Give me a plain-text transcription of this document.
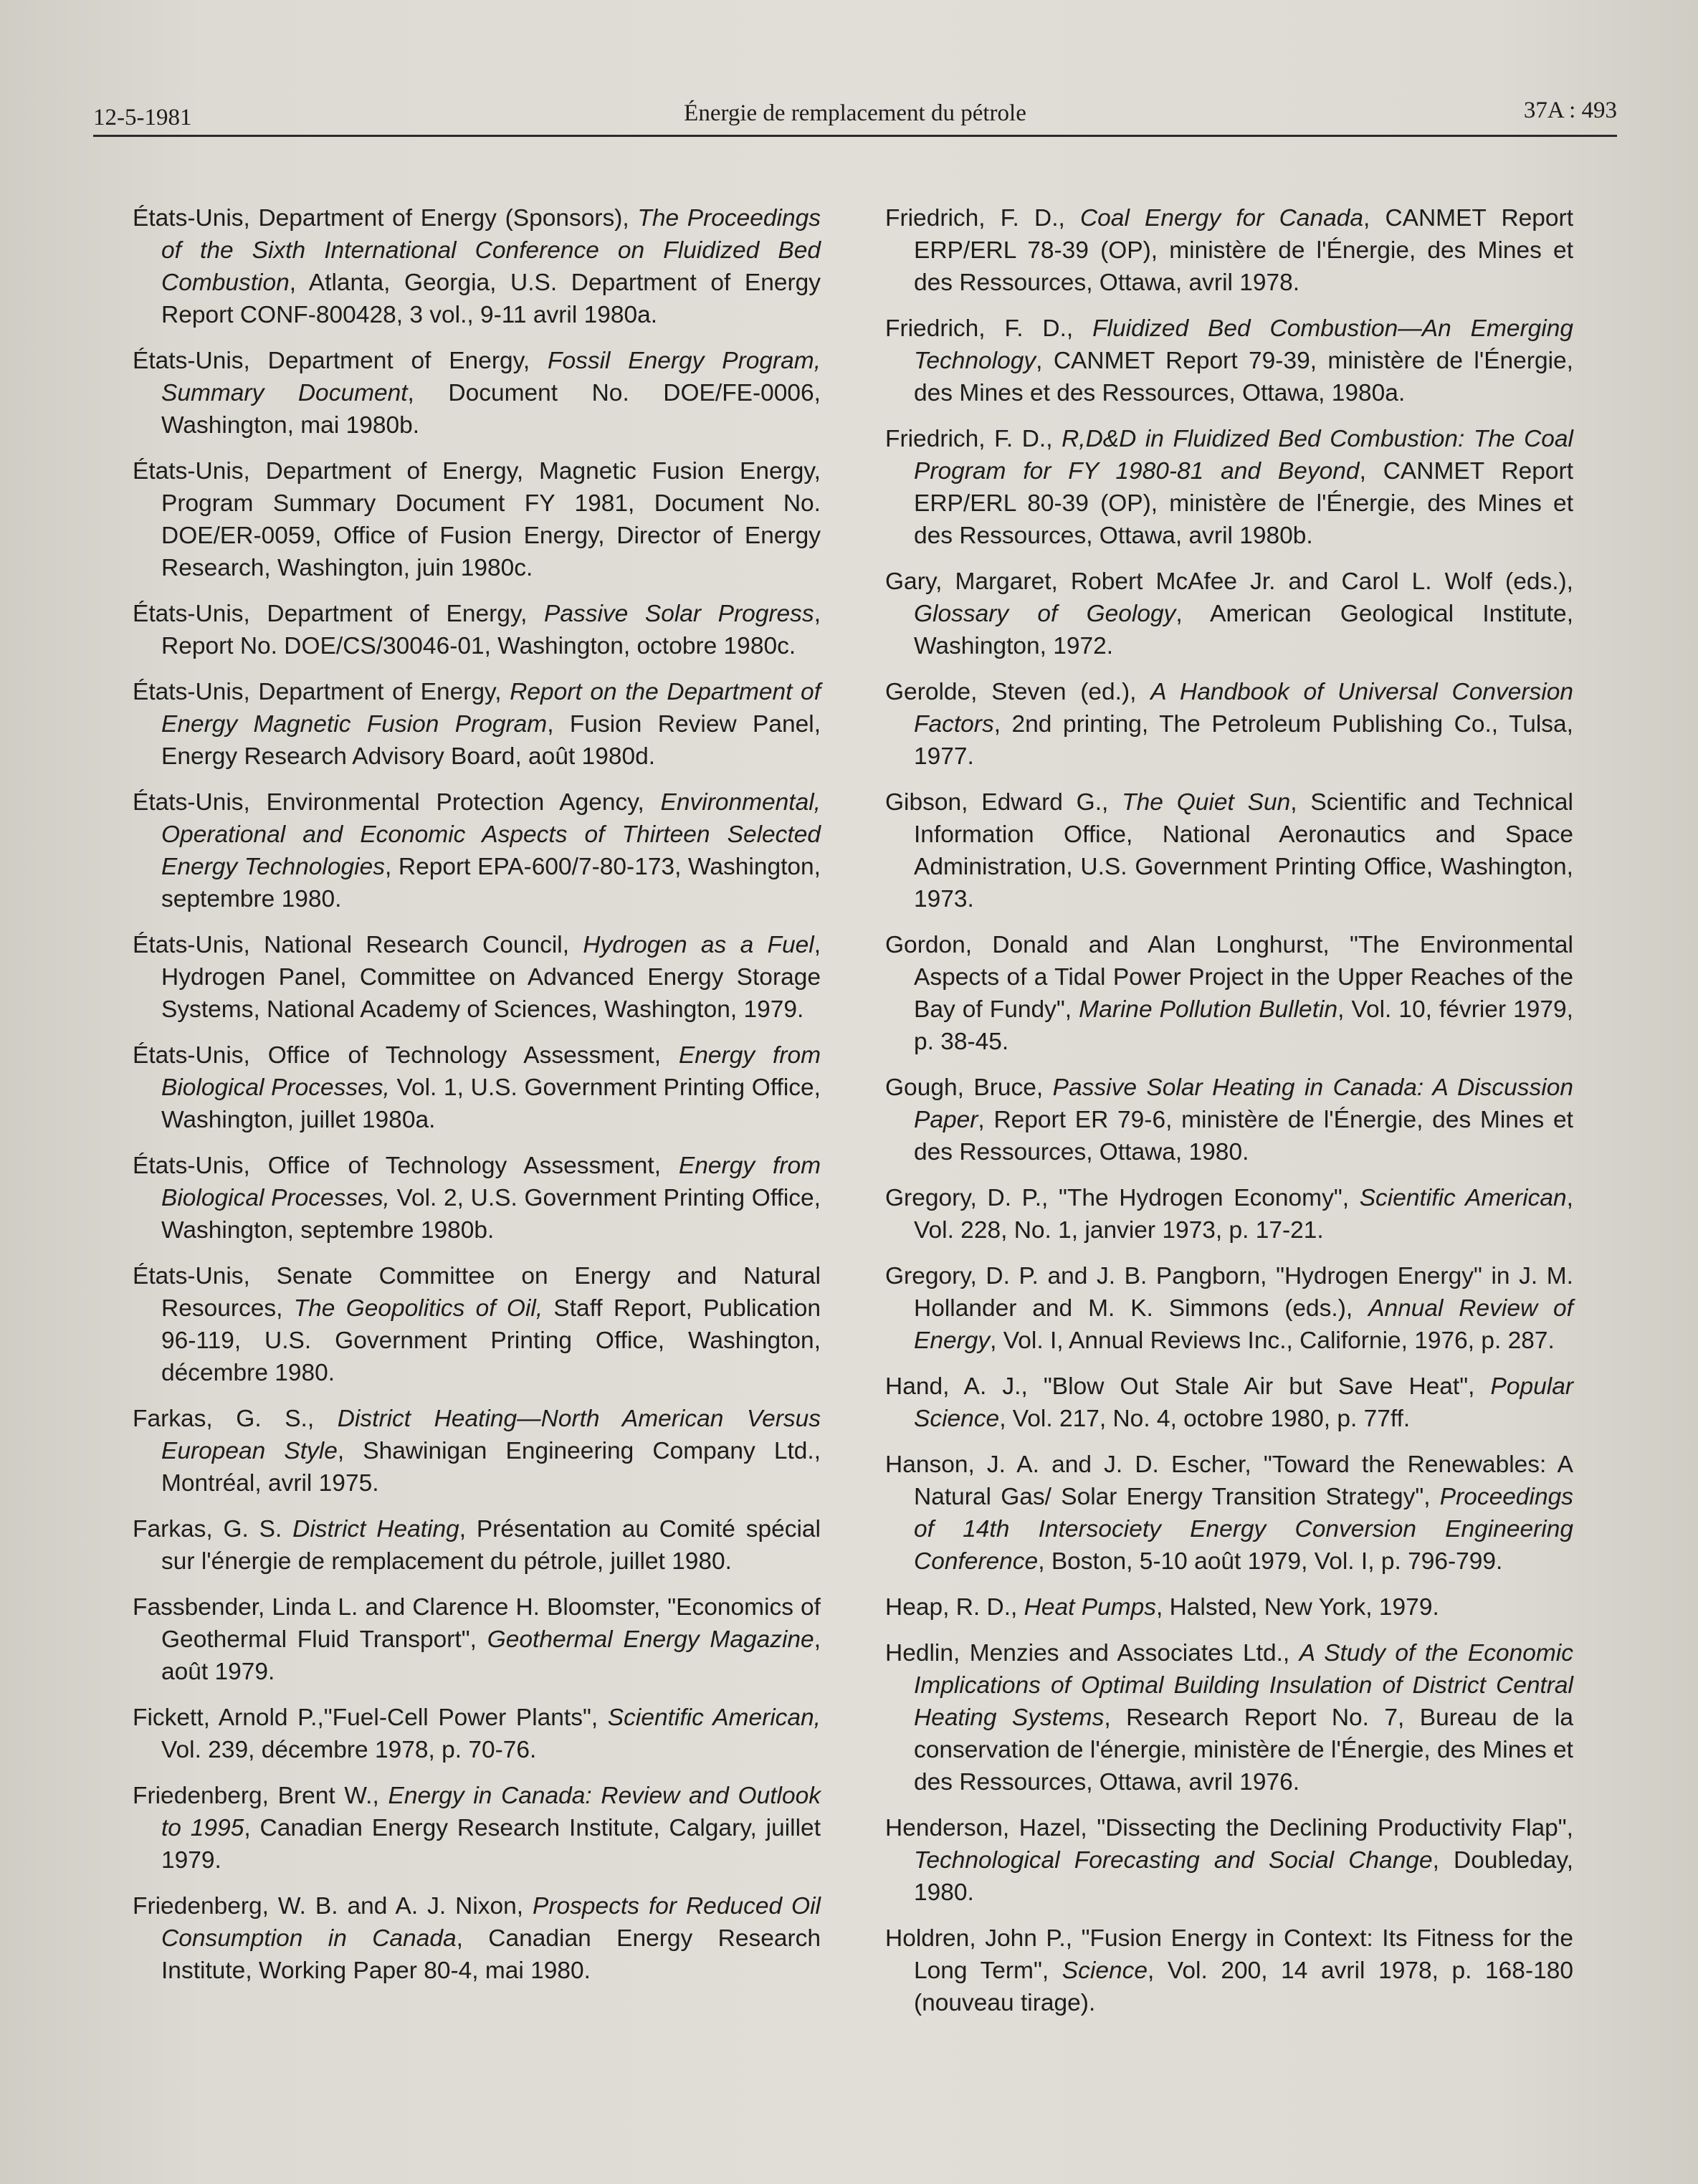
12-5-1981	Énergie de remplacement du pétrole	37A : 493

États-Unis, Department of Energy (Sponsors), The Proceedings of the Sixth International Conference on Fluidized Bed Combustion, Atlanta, Georgia, U.S. Department of Energy Report CONF-800428, 3 vol., 9-11 avril 1980a.

États-Unis, Department of Energy, Fossil Energy Program, Summary Document, Document No. DOE/FE-0006, Washington, mai 1980b.

États-Unis, Department of Energy, Magnetic Fusion Energy, Program Summary Document FY 1981, Document No. DOE/ER-0059, Office of Fusion Energy, Director of Energy Research, Washington, juin 1980c.

États-Unis, Department of Energy, Passive Solar Progress, Report No. DOE/CS/30046-01, Washington, octobre 1980c.

États-Unis, Department of Energy, Report on the Department of Energy Magnetic Fusion Program, Fusion Review Panel, Energy Research Advisory Board, août 1980d.

États-Unis, Environmental Protection Agency, Environmental, Operational and Economic Aspects of Thirteen Selected Energy Technologies, Report EPA-600/7-80-173, Washington, septembre 1980.

États-Unis, National Research Council, Hydrogen as a Fuel, Hydrogen Panel, Committee on Advanced Energy Storage Systems, National Academy of Sciences, Washington, 1979.

États-Unis, Office of Technology Assessment, Energy from Biological Processes, Vol. 1, U.S. Government Printing Office, Washington, juillet 1980a.

États-Unis, Office of Technology Assessment, Energy from Biological Processes, Vol. 2, U.S. Government Printing Office, Washington, septembre 1980b.

États-Unis, Senate Committee on Energy and Natural Resources, The Geopolitics of Oil, Staff Report, Publication 96-119, U.S. Government Printing Office, Washington, décembre 1980.

Farkas, G. S., District Heating—North American Versus European Style, Shawinigan Engineering Company Ltd., Montréal, avril 1975.

Farkas, G. S. District Heating, Présentation au Comité spécial sur l'énergie de remplacement du pétrole, juillet 1980.

Fassbender, Linda L. and Clarence H. Bloomster, "Economics of Geothermal Fluid Transport", Geothermal Energy Magazine, août 1979.

Fickett, Arnold P.,"Fuel-Cell Power Plants", Scientific American, Vol. 239, décembre 1978, p. 70-76.

Friedenberg, Brent W., Energy in Canada: Review and Outlook to 1995, Canadian Energy Research Institute, Calgary, juillet 1979.

Friedenberg, W. B. and A. J. Nixon, Prospects for Reduced Oil Consumption in Canada, Canadian Energy Research Institute, Working Paper 80-4, mai 1980.

Friedrich, F. D., Coal Energy for Canada, CANMET Report ERP/ERL 78-39 (OP), ministère de l'Énergie, des Mines et des Ressources, Ottawa, avril 1978.

Friedrich, F. D., Fluidized Bed Combustion—An Emerging Technology, CANMET Report 79-39, ministère de l'Énergie, des Mines et des Ressources, Ottawa, 1980a.

Friedrich, F. D., R,D&D in Fluidized Bed Combustion: The Coal Program for FY 1980-81 and Beyond, CANMET Report ERP/ERL 80-39 (OP), ministère de l'Énergie, des Mines et des Ressources, Ottawa, avril 1980b.

Gary, Margaret, Robert McAfee Jr. and Carol L. Wolf (eds.), Glossary of Geology, American Geological Institute, Washington, 1972.

Gerolde, Steven (ed.), A Handbook of Universal Conversion Factors, 2nd printing, The Petroleum Publishing Co., Tulsa, 1977.

Gibson, Edward G., The Quiet Sun, Scientific and Technical Information Office, National Aeronautics and Space Administration, U.S. Government Printing Office, Washington, 1973.

Gordon, Donald and Alan Longhurst, "The Environmental Aspects of a Tidal Power Project in the Upper Reaches of the Bay of Fundy", Marine Pollution Bulletin, Vol. 10, février 1979, p. 38-45.

Gough, Bruce, Passive Solar Heating in Canada: A Discussion Paper, Report ER 79-6, ministère de l'Énergie, des Mines et des Ressources, Ottawa, 1980.

Gregory, D. P., "The Hydrogen Economy", Scientific American, Vol. 228, No. 1, janvier 1973, p. 17-21.

Gregory, D. P. and J. B. Pangborn, "Hydrogen Energy" in J. M. Hollander and M. K. Simmons (eds.), Annual Review of Energy, Vol. I, Annual Reviews Inc., Californie, 1976, p. 287.

Hand, A. J., "Blow Out Stale Air but Save Heat", Popular Science, Vol. 217, No. 4, octobre 1980, p. 77ff.

Hanson, J. A. and J. D. Escher, "Toward the Renewables: A Natural Gas/ Solar Energy Transition Strategy", Proceedings of 14th Intersociety Energy Conversion Engineering Conference, Boston, 5-10 août 1979, Vol. I, p. 796-799.

Heap, R. D., Heat Pumps, Halsted, New York, 1979.

Hedlin, Menzies and Associates Ltd., A Study of the Economic Implications of Optimal Building Insulation of District Central Heating Systems, Research Report No. 7, Bureau de la conservation de l'énergie, ministère de l'Énergie, des Mines et des Ressources, Ottawa, avril 1976.

Henderson, Hazel, "Dissecting the Declining Productivity Flap", Technological Forecasting and Social Change, Doubleday, 1980.

Holdren, John P., "Fusion Energy in Context: Its Fitness for the Long Term", Science, Vol. 200, 14 avril 1978, p. 168-180 (nouveau tirage).
